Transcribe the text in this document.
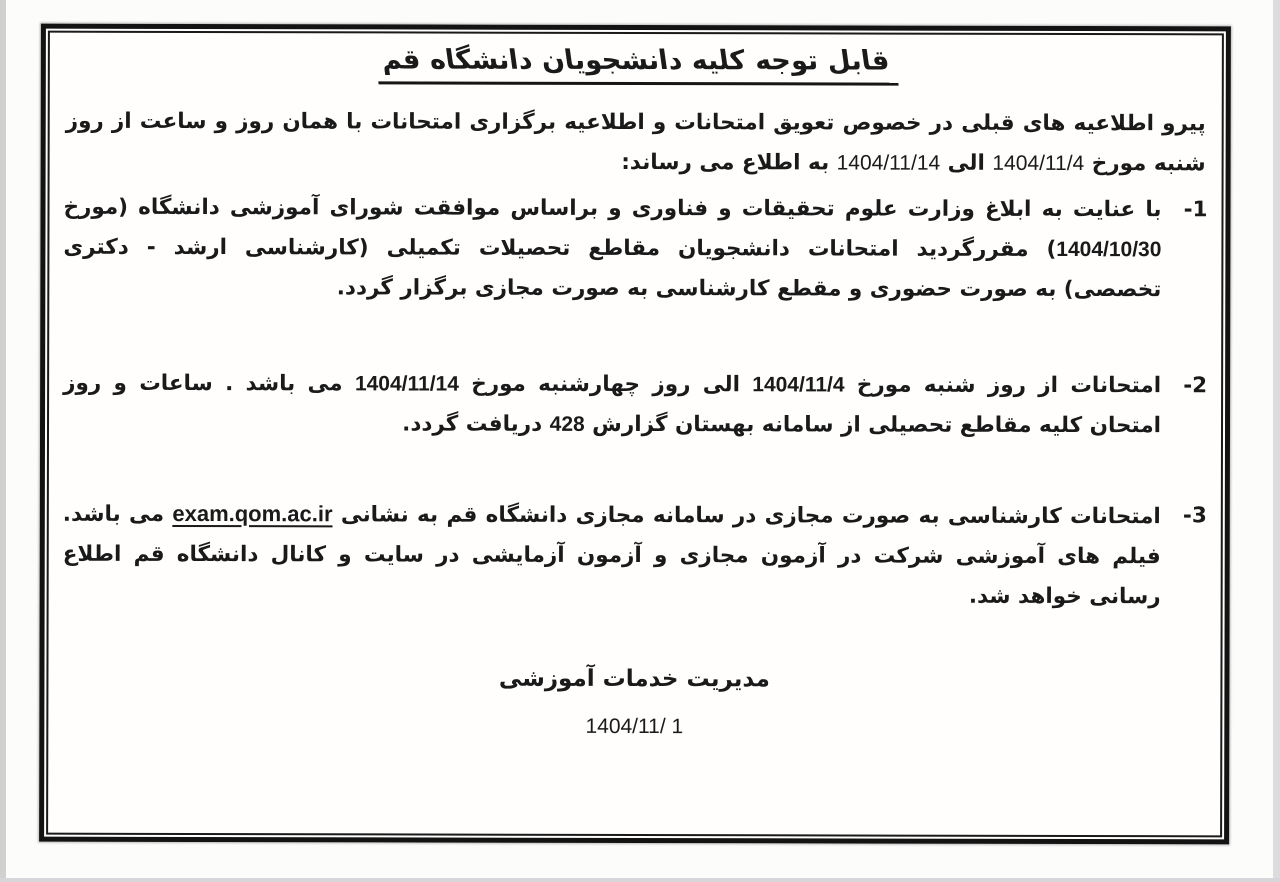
قابل توجه کلیه دانشجویان دانشگاه قم

پیرو اطلاعیه های قبلی در خصوص تعویق امتحانات و اطلاعیه برگزاری امتحانات با همان روز و ساعت از روز شنبه مورخ 1404/11/4 الی 1404/11/14 به اطلاع می رساند:

1-
با عنایت به ابلاغ وزارت علوم تحقیقات و فناوری و براساس موافقت شورای آموزشی دانشگاه (مورخ 1404/10/30) مقررگردید امتحانات دانشجویان مقاطع تحصیلات تکمیلی (کارشناسی ارشد - دکتری تخصصی) به صورت حضوری و مقطع کارشناسی به صورت مجازی برگزار گردد.
2-
امتحانات از روز شنبه مورخ 1404/11/4 الی روز چهارشنبه مورخ 1404/11/14 می باشد . ساعات و روز امتحان کلیه مقاطع تحصیلی از سامانه بهستان گزارش 428 دریافت گردد.
3-
امتحانات کارشناسی به صورت مجازی در سامانه مجازی دانشگاه قم به نشانی exam.qom.ac.ir می باشد. فیلم های آموزشی شرکت در آزمون مجازی و آزمون آزمایشی در سایت و کانال دانشگاه قم اطلاع رسانی خواهد شد.
مدیریت خدمات آموزشی
1404/11/ 1
